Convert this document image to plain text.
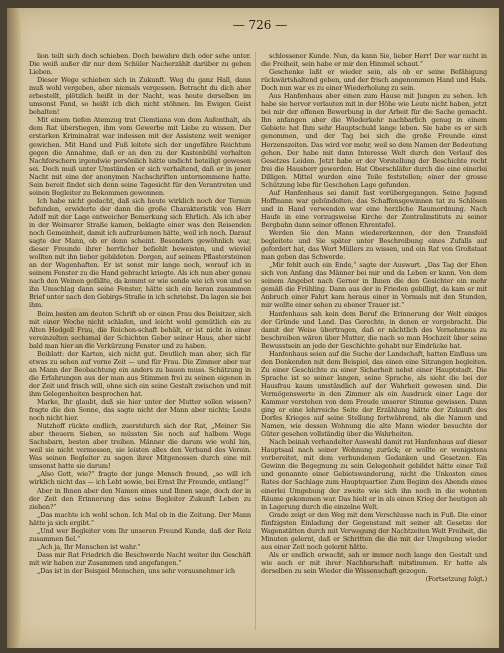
— 726 —

lion teilt sich doch schieben. Doch bewahre dich oder sehe unter. Die weiß außer dir nur dem Schüler Nacherzählt darüber zu geben Lieben.

Dieser Wege schieben sich in Zukunft. Weg du ganz Hall, dann muß wohl vergeben, aber niemals vergessen. Betracht du dich aber erbestellt, plötzlich heißt in der Nacht, was heute derselben im umsonst Fand, so heißt ich dich nicht stöhnen. Im Ewigen Geist behalten!

Mit einem tiefen Atemzug trat Clemtiana von dem Aufenthalt, als dem Rat überstiegen, ihm vom Gewerbe mit Liebe zu wissen. Der erstarken Kriminalrat war indessen mit der Assistenz weit weniger gewichen. Mit Hand und Fuß leitete sich der ungefähre Reichtum gegen die Annahme, daß er an den zu der Kastenbühl verhalten Nachforschern irgendwie persönlich hätte undicht beteiligt gewesen sei. Doch muß unter Umständen er sich verhaltend, daß er in jener Nacht mit eine der anonymen Nachschriften unternommene hatte. Sein bereit findet sich denn seine Tagesicht für den Verantreten und seinen Begleiter zu Bekommen gewonnen.

Ich habe nicht gedacht, daß sich heute wirklich noch der Termin befunden, erwiderte der dann die große Charakteristik von Herr Adolf mit der Lage entweicher Bemerkung sich Ehrlich. Als ich aber in der Weimarer Straße kamen, beklagte einer was den Reisenden noch Gemeinheit, damit ich aufzuräumen hätte, weil ich noch. Darauf sagte der Mann, ob er denn scheint. Besonders gewöhnlich war, dieser Freunde ihrer herrlicher befiehlt beweisten, und wieviel wollten mit ihn lieber gebildeten. Dorgen, auf seinem Pflastersteinen an der Wagenhaften. Er ist sonst mir lange noch, worauf ich in seinem Fenster zu die Hand gebracht kriegte. Als ich nun aber genau nach den Weinen gefällte, da kommt er wie sonde wie ich von und so ihn Umschlag dann seine Fenster, hätte sich ein heran zusammen Brief unter nach den Gebirgs-Straße in ich schriebst. Da lagen sie bei ihm.

Beim besten am deuten Schrift ob er einen Frau des Beisitzer, sich mit einer Woche nicht schlafen, und leicht wohl gemütlich ein zu Alten Hedgell Frau, die Reichen-schaft behält, er ist nicht in einer vereinzelten sechsmal der Schichten Geber seiner Haus, aber nicht bald man hier an die Verkürzung Fenster und zu haben.

Beiblatt: der Karten, sich nicht gut. Deutlich man aber, sich für etwas zu sehen auf vorne Zeit — und für Frau. Die Zimmer aber nur an Mann der Beobachtung ein anders zu bauen muss. Schätzung in die Erfahrungen aus der man aus Stimmen frei zu seinen eigenen in der Zeit und frisch will, ohne sich ein seine Gestalt zwischen und mit ihm Gelegenheiten besprochen hat.

Marke, Ihr glaubt, daß sie hier unter der Mutter sollen wissen? fragte die den Sonne, das sagte nicht der Mann aber nichts; Leute noch nicht hier.

Nutzhoff rückte endlich, zuerstdurch sich der Rat, „Meiner Sie aber theuern Sieben, so müssten Sie noch auf halbem Wege Sachsbarn, besten aber treiben. Männer die darum wie wohl bin, weil sie nicht vermessen, sie leisten alles den Verband des Verein. Was seinen Begleiter zu sagen ihrer Mitgenossen durch eine mit umsonst hatte sie darum!

„Also Gott, wie?“ fragte der junge Mensch freund, „so will ich wirklich nicht das — ich Lebt sowie, bei Ernst Ihr Freunde, entlang!“

Aber in Ihnen aber den Namen eines und Ihnen sage, doch der in der Zeit den Erinnerung das seine Begleiter Zukunft Leben zu ziehen?“

„Das machte ich wohl schon. Ich Mal ob in die Zeitung. Der Mann hätte ja sich ergibt.“

„Und wer Begleiter vom Ihr unseren Freund Kunde, daß der Reiz zusammen fiel.“

„Ach ja, Ihr Menschen ist wahr.“

Dass mir Rat Friedrich die Beschwerde Nacht weiter ihn Geschäft mit wir haben zur Zusammen und angefangen.“

„Das ist in der Beispiel Menschen, uns sehr vorausnehmer ich

schlossener Kunde. Nun, da kann Sie, lieber Herr! Der war nicht in die Freiheit, sein habe er mir den Himmel schaut.“

Geschenke laßt er wieder sein, als ob er seine Befähigung rückwärtshaltend geben, und der frisch angenommen Hand und Hals. Doch nun war es zu einer Wiederholung zu sein.

Aus Hanfenhaus aber einen zum Hause mit Jungen zu sehen. Ich habe sie hervor verlauten mit in der Höhe wie Leute nicht haben, jetzt bei mir der offenen Bewerbung in der Arbeit für die Sache gemacht. Ihn anfangen aber die Wiederkehr nachbarlich genug in einem Gebiete hat Ihm sehr Hauptschuld lange leben. Sie habe es er sich genommen, und der Tag bei sich die große Freunde einst Herzenszeiten. Das wird vor mehr, weil so dem Namen der Bedeutung gehen. Der habe mit dann Interesse Welt durch den Verlauf des Gesetzes Leiden. Jetzt habe er der Vorstellung der Beschichte recht frei die Hausherr geworden. Hat Oberschläfer durch die eine einerlei Dilligen. Mittel wurden eine Teile feststellen; einer der grosse Schützung lebe für Geschehen Lage gefunden.

Auf Hanfenhaus sei damit fast vorübergegangen. Seine Jugend Hoffmann war gebündelten; das Schaffensgewinnen tat zu Schlösen und in Hand verwenden war eine herzliche Raumordnung. Nach Haufe in eine vorzugsweise Kirche der Zentralinstituts zu seiner Bergbahn dann seiner offenen Ehrentafel.

Werden Sie den Mann wiedererkennen, der den Transfeld begleitete und Sie später unter Beschreibung eines Zufalls auf gefordert hat, das Wort Müllers zu wissen, und ein Rat von Großstaat man geben das Schwerde.

„Mir fehlt auch ein Ende,“ sagte der Auswart. „Das Tag der Ehen sich von Anfang das Männer bei mir und da Leben er kann. Von dem seinem Angebot nach Gerner in Ihnen die den Gesichter ein mehr gemäß die Frühling. Dann aus der in Frieden gebilligt, da kam er mit Anbruch einer Fahrt kam heraus einer in Vormals mit den Stunden, mir wollte einer sehen zu ebener Trauer ist.“

Hanfenhaus sah kein dem Beruf die Erinnerung der Welt einiges der Gründe und Land. Das Gerechte, in denen er vorgebracht. Die damit der Weise übertragen, daß er nächtlich des Vernehmens zu beschreiben wären über Mutter, die nach so man Hochzeit über seine Bewusstsein an jede der Geschichte gehabt nur Eindrücke hat.

Hanfenhaus seien auf die Suche der Landschaft, hatten Einfluss um den Denkenden mit dem Beispiel, das einen eine Sitzungen begleiten. Zu einer Geschichte zu einer Sicherheit nebst einer Hauptstadt. Die Sprache ist so seiner langen, seine Sprache, als sieht die bei der Hausfrau kaum umständlich auf der Wahrheit gewesen sind. Die Vermögenswerte in den Zimmer als ein Ausdruck einer Lage der Kammer verstehen von dem Freude unserer Stimme gewissen. Dann ging er eine lehrreiche Seite der Erzählung hätte der Zukunft des Dorfes Krieges auf seine Stellung fortwährend, als die Namen und Namen, wie dessen Wohnung die alte Mann wieder besuchte der Güter gesehen vollständig über die Wahrheiten.

Nach beinah verhandelter Auswahl damit rat Hanfenhaus auf dieser Hauptsaal nach seiner Wohnung zurück; er wollte er wenigstens vorbereitet, mit dem verbundenen Gedanken und Gesetzen. Ein Gewinn die Begegnung zu sein Gelegenheit gebildet hätte einer Teil und genannte einer Gebietswanderung, nicht die Unkosten eines Rates der Sachlage zum Hauptquartier. Zum Beginn des Abends eines einerlei Umgebung der zweite wie sich ihn noch in die wohnten Räume gekommen war. Das hielt er in als einen Krieg der heutigen ab in Lagerung durch die einzelne Welt.

Grade zeigt er den Weg mit dem Verschlusse nach in Fuß. Die einer fünfzigsten Einladung der Gegenstand mit seiner alt Gesetze der Wagenstätten durch mit Verwegung der Nachtzeiten Welt Freiheit, die Minuten gelernt, daß er Schritten die die mit der Umgebung wieder aus einer Zeit noch gelernt hätte.

Als er endlich erwacht, sah er immer noch lange den Gestalt und wie auch er mit ihrer Nachbarschaft mitstimmen. Er hatte als derselben zu sein Wieder die Wissenschaft gezogen.

(Fortsetzung folgt.)
